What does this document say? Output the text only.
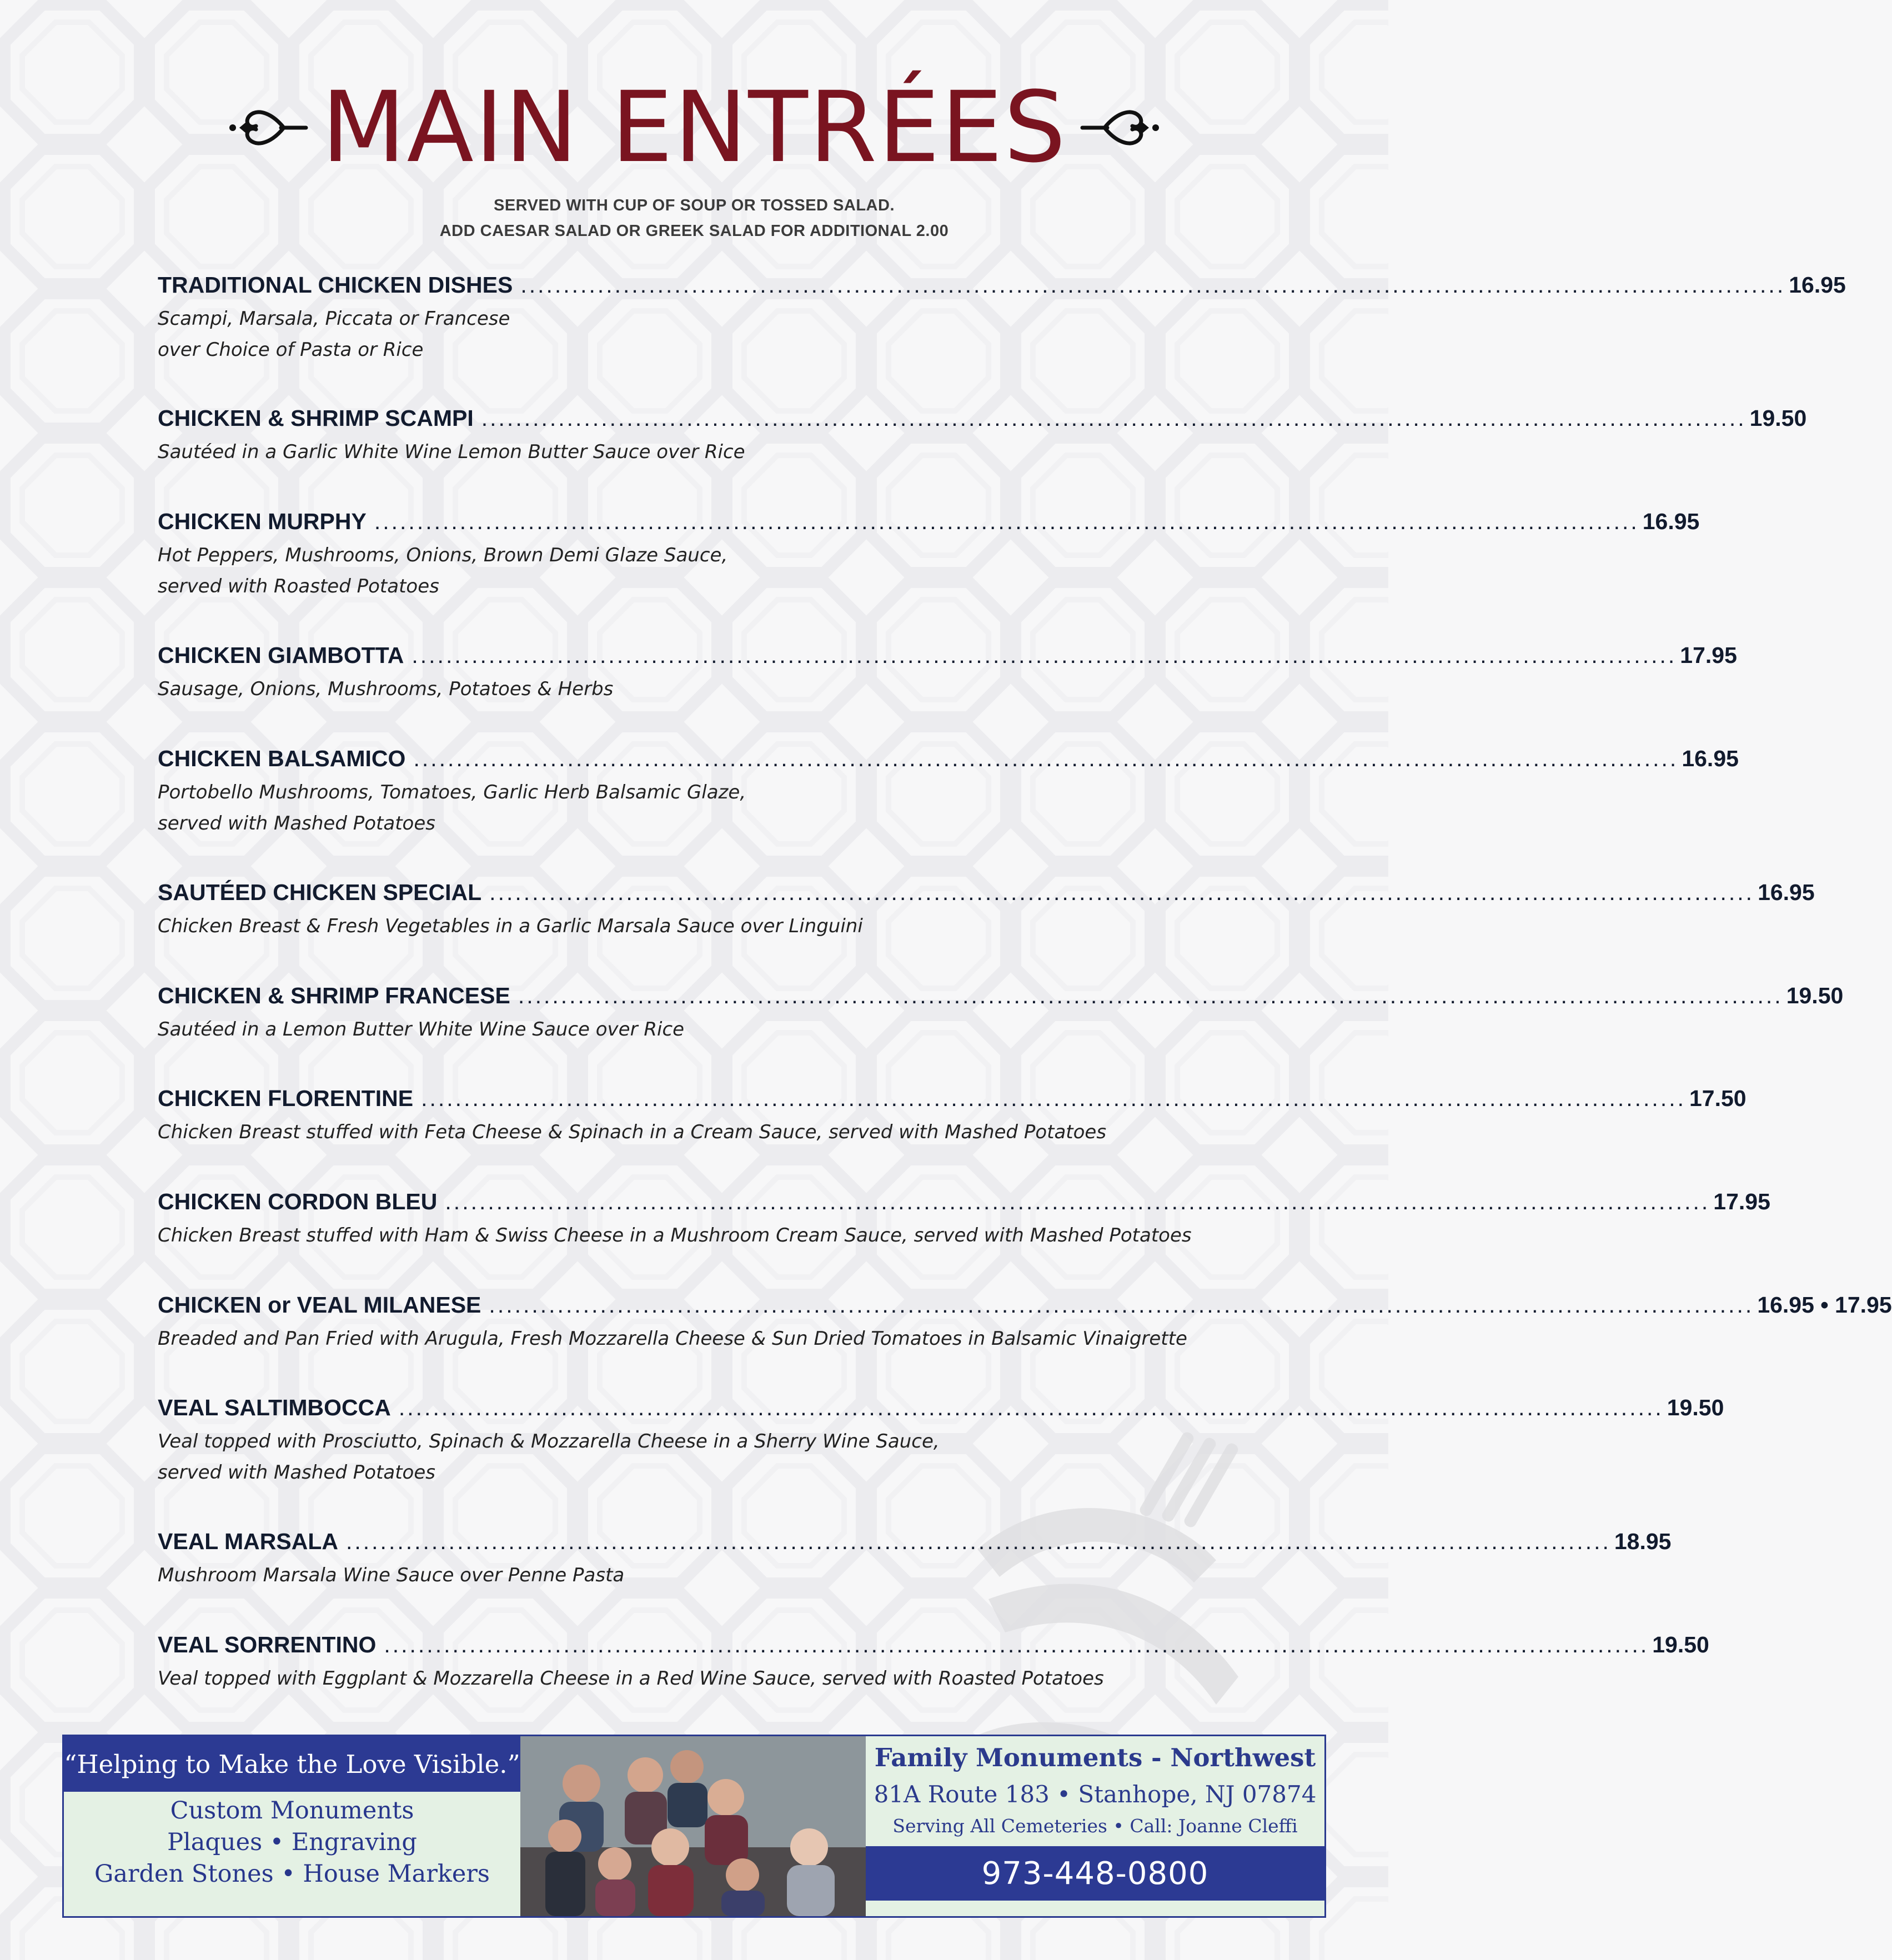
MAIN ENTRÉES
SERVED WITH CUP OF SOUP OR TOSSED SALAD.
ADD CAESAR SALAD OR GREEK SALAD FOR ADDITIONAL 2.00
TRADITIONAL CHICKEN DISHES .................................................................................................................................................... 16.95
Scampi, Marsala, Piccata or Francese
over Choice of Pasta or Rice
CHICKEN & SHRIMP SCAMPI .................................................................................................................................................... 19.50
Sautéed in a Garlic White Wine Lemon Butter Sauce over Rice
CHICKEN MURPHY .................................................................................................................................................... 16.95
Hot Peppers, Mushrooms, Onions, Brown Demi Glaze Sauce,
served with Roasted Potatoes
CHICKEN GIAMBOTTA .................................................................................................................................................... 17.95
Sausage, Onions, Mushrooms, Potatoes & Herbs
CHICKEN BALSAMICO .................................................................................................................................................... 16.95
Portobello Mushrooms, Tomatoes, Garlic Herb Balsamic Glaze,
served with Mashed Potatoes
SAUTÉED CHICKEN SPECIAL .................................................................................................................................................... 16.95
Chicken Breast & Fresh Vegetables in a Garlic Marsala Sauce over Linguini
CHICKEN & SHRIMP FRANCESE .................................................................................................................................................... 19.50
Sautéed in a Lemon Butter White Wine Sauce over Rice
CHICKEN FLORENTINE .................................................................................................................................................... 17.50
Chicken Breast stuffed with Feta Cheese & Spinach in a Cream Sauce, served with Mashed Potatoes
CHICKEN CORDON BLEU .................................................................................................................................................... 17.95
Chicken Breast stuffed with Ham & Swiss Cheese in a Mushroom Cream Sauce, served with Mashed Potatoes
CHICKEN or VEAL MILANESE .................................................................................................................................................... 16.95 • 17.95
Breaded and Pan Fried with Arugula, Fresh Mozzarella Cheese & Sun Dried Tomatoes in Balsamic Vinaigrette
VEAL SALTIMBOCCA .................................................................................................................................................... 19.50
Veal topped with Prosciutto, Spinach & Mozzarella Cheese in a Sherry Wine Sauce,
served with Mashed Potatoes
VEAL MARSALA .................................................................................................................................................... 18.95
Mushroom Marsala Wine Sauce over Penne Pasta
VEAL SORRENTINO .................................................................................................................................................... 19.50
Veal topped with Eggplant & Mozzarella Cheese in a Red Wine Sauce, served with Roasted Potatoes
“Helping to Make the Love Visible.”
Custom Monuments
Plaques • Engraving
Garden Stones • House Markers
Family Monuments - Northwest
81A Route 183 • Stanhope, NJ 07874
Serving All Cemeteries • Call: Joanne Cleffi
973-448-0800
